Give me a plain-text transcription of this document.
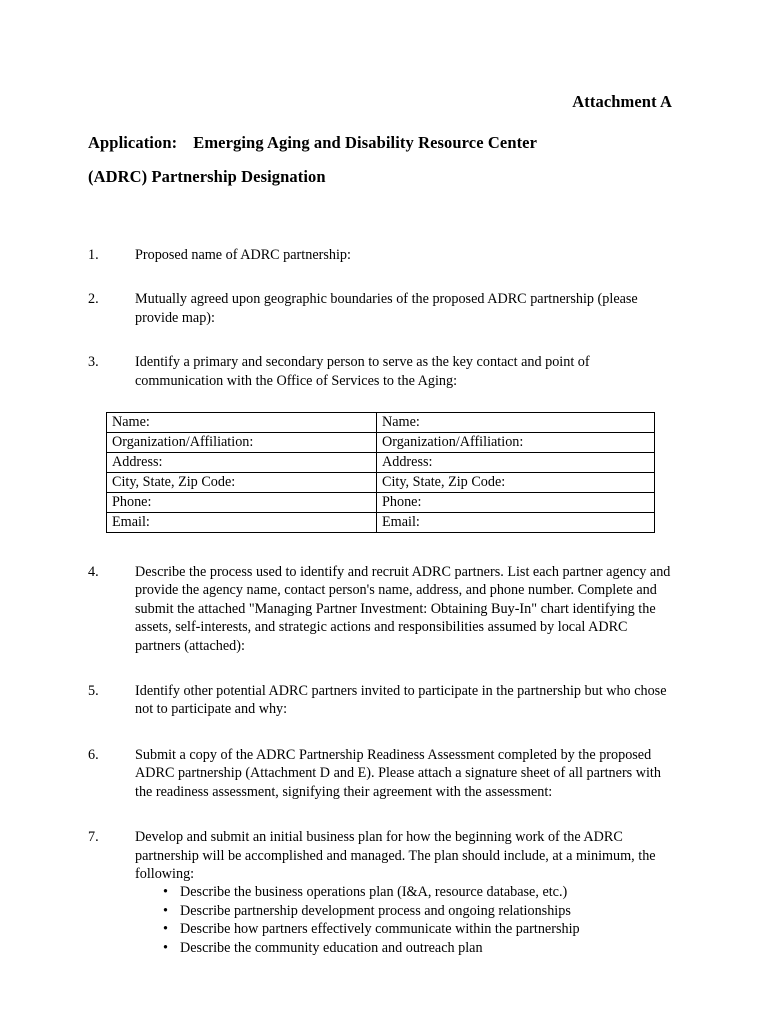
Attachment A
Application: Emerging Aging and Disability Resource Center
(ADRC) Partnership Designation
1.	Proposed name of ADRC partnership:
2.	Mutually agreed upon geographic boundaries of the proposed ADRC partnership (please provide map):
3.	Identify a primary and secondary person to serve as the key contact and point of communication with the Office of Services to the Aging:
Name:	Name:
Organization/Affiliation:	Organization/Affiliation:
Address:	Address:
City, State, Zip Code:	City, State, Zip Code:
Phone:	Phone:
Email:	Email:
4.	Describe the process used to identify and recruit ADRC partners. List each partner agency and provide the agency name, contact person's name, address, and phone number. Complete and submit the attached "Managing Partner Investment: Obtaining Buy-In" chart identifying the assets, self-interests, and strategic actions and responsibilities assumed by local ADRC partners (attached):
5.	Identify other potential ADRC partners invited to participate in the partnership but who chose not to participate and why:
6.	Submit a copy of the ADRC Partnership Readiness Assessment completed by the proposed ADRC partnership (Attachment D and E). Please attach a signature sheet of all partners with the readiness assessment, signifying their agreement with the assessment:
7.	Develop and submit an initial business plan for how the beginning work of the ADRC partnership will be accomplished and managed. The plan should include, at a minimum, the following:
• Describe the business operations plan (I&A, resource database, etc.)
• Describe partnership development process and ongoing relationships
• Describe how partners effectively communicate within the partnership
• Describe the community education and outreach plan
